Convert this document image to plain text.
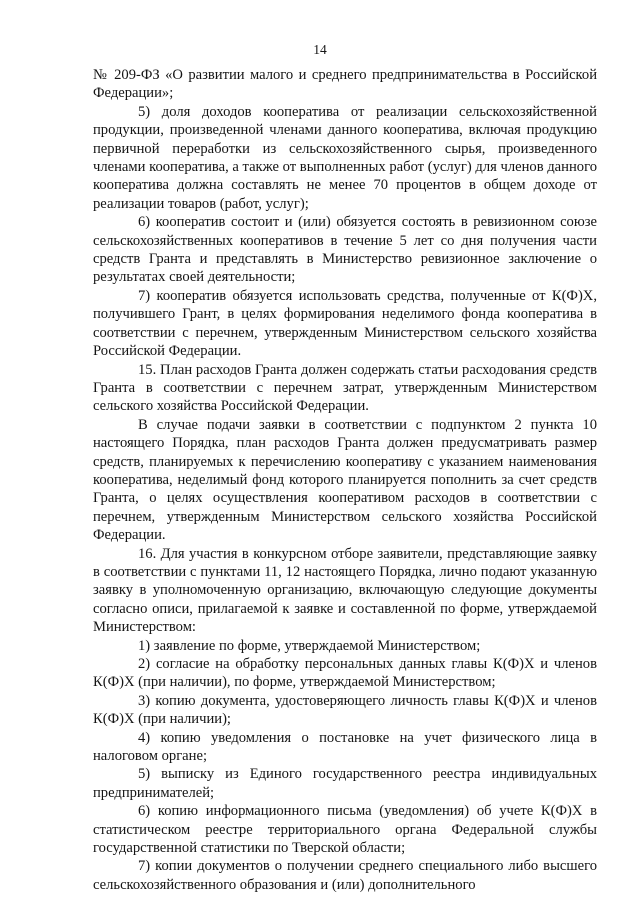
14

№ 209-ФЗ «О развитии малого и среднего предпринимательства в Российской Федерации»;

5) доля доходов кооператива от реализации сельскохозяйственной продукции, произведенной членами данного кооператива, включая продукцию первичной переработки из сельскохозяйственного сырья, произведенного членами кооператива, а также от выполненных работ (услуг) для членов данного кооператива должна составлять не менее 70 процентов в общем доходе от реализации товаров (работ, услуг);

6) кооператив состоит и (или) обязуется состоять в ревизионном союзе сельскохозяйственных кооперативов в течение 5 лет со дня получения части средств Гранта и представлять в Министерство ревизионное заключение о результатах своей деятельности;

7) кооператив обязуется использовать средства, полученные от К(Ф)Х, получившего Грант, в целях формирования неделимого фонда кооператива в соответствии с перечнем, утвержденным Министерством сельского хозяйства Российской Федерации.

15. План расходов Гранта должен содержать статьи расходования средств Гранта в соответствии с перечнем затрат, утвержденным Министерством сельского хозяйства Российской Федерации.

В случае подачи заявки в соответствии с подпунктом 2 пункта 10 настоящего Порядка, план расходов Гранта должен предусматривать размер средств, планируемых к перечислению кооперативу с указанием наименования кооператива, неделимый фонд которого планируется пополнить за счет средств Гранта, о целях осуществления кооперативом расходов в соответствии с перечнем, утвержденным Министерством сельского хозяйства Российской Федерации.

16. Для участия в конкурсном отборе заявители, представляющие заявку в соответствии с пунктами 11, 12 настоящего Порядка, лично подают указанную заявку в уполномоченную организацию, включающую следующие документы согласно описи, прилагаемой к заявке и составленной по форме, утверждаемой Министерством:

1) заявление по форме, утверждаемой Министерством;

2) согласие на обработку персональных данных главы К(Ф)Х и членов К(Ф)Х (при наличии), по форме, утверждаемой Министерством;

3) копию документа, удостоверяющего личность главы К(Ф)Х и членов К(Ф)Х (при наличии);

4) копию уведомления о постановке на учет физического лица в налоговом органе;

5) выписку из Единого государственного реестра индивидуальных предпринимателей;

6) копию информационного письма (уведомления) об учете К(Ф)Х в статистическом реестре территориального органа Федеральной службы государственной статистики по Тверской области;

7) копии документов о получении среднего специального либо высшего сельскохозяйственного образования и (или) дополнительного
